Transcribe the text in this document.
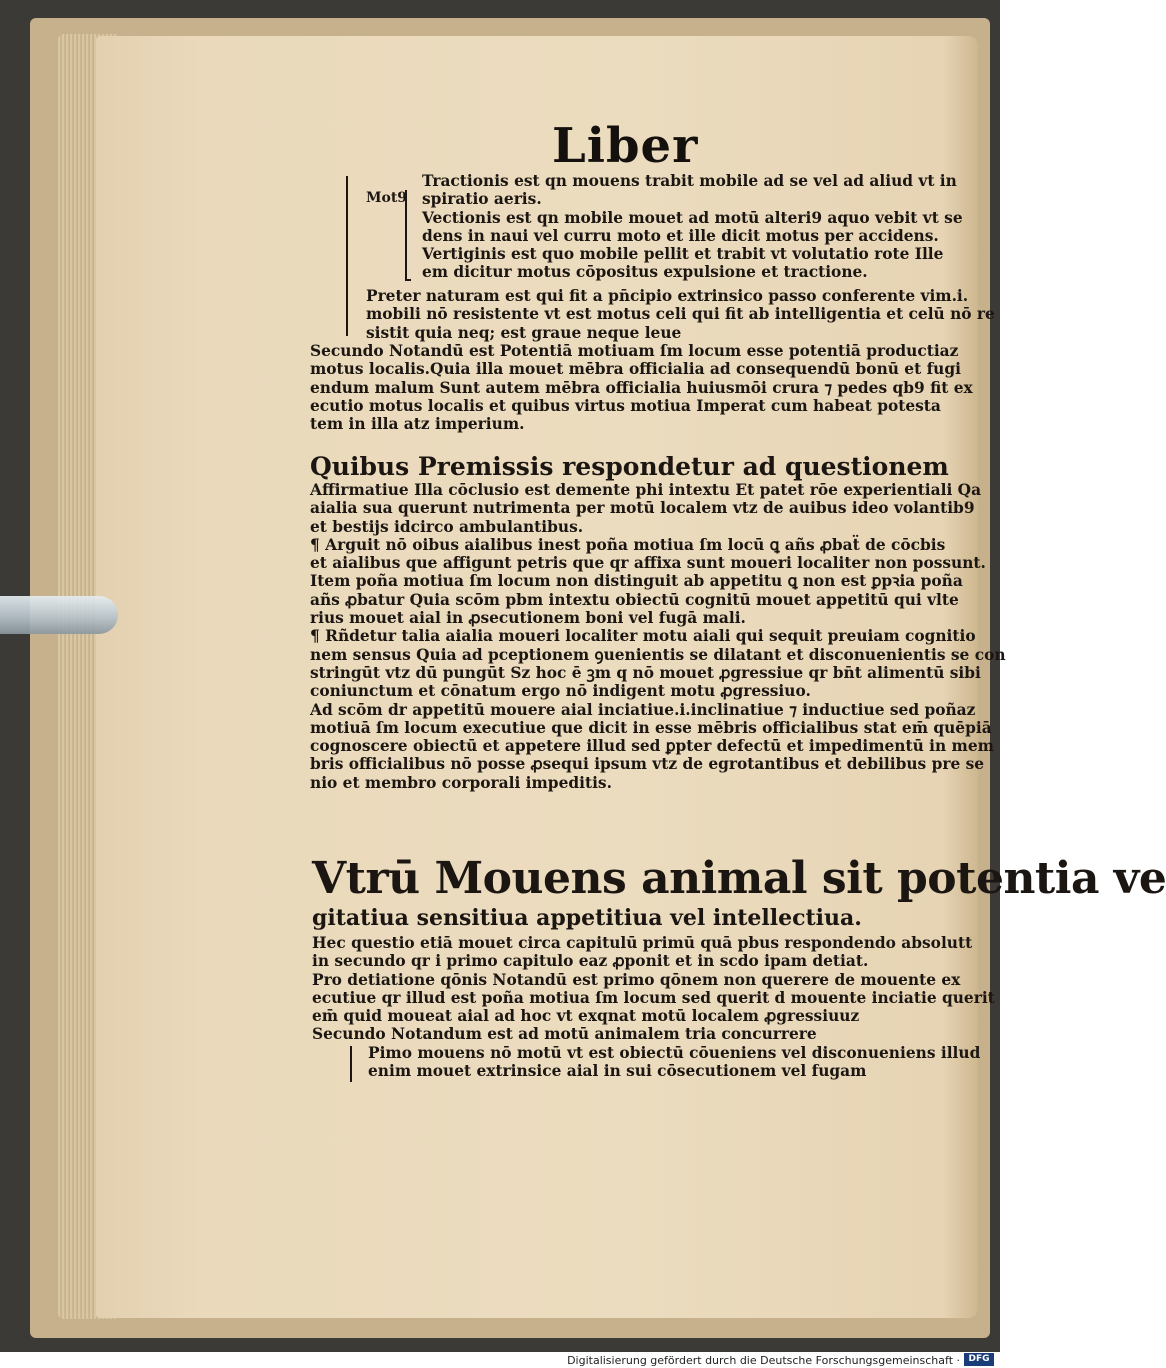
Liber
Mot9
Tractionis est qn mouens trabit mobile ad se vel ad aliud vt in
spiratio aeris.
Vectionis est qn mobile mouet ad motū alteri9 aquo vebit vt se
dens in naui vel curru moto et ille dicit motus per accidens.
Vertiginis est quo mobile pellit et trabit vt volutatio rote Ille
em dicitur motus cōpositus expulsione et tractione.
Preter naturam est qui fit a pn̄cipio extrinsico passo conferente vim.i.
mobili nō resistente vt est motus celi qui fit ab intelligentia et celū nō re
sistit quia neq; est graue neque leue
Secundo Notandū est Potentiā motiuam ſm locum esse potentiā productiaz
motus localis.Quia illa mouet mēbra officialia ad consequendū bonū et fugi
endum malum Sunt autem mēbra officialia huiusmōi crura ⁊ pedes qb9 fit ex
ecutio motus localis et quibus virtus motiua Imperat cum habeat potesta
tem in illa atz imperium.
Quibus Premissis respondetur ad questionem
Affirmatiue Illa cōclusio est demente phi intextu Et patet rōe experientiali Qa
aialia sua querunt nutrimenta per motū localem vtz de auibus ideo volantib9
et bestijs idcirco ambulantibus.
¶ Arguit nō oibus aialibus inest poña motiua ſm locū ꝗ añs ꝓbaẗ de cōcbis
et aialibus que affigunt petris que qr affixa sunt moueri localiter non possunt.
Item poña motiua ſm locum non distinguit ab appetitu ꝗ non est ꝑpꝛia poña
añs ꝓbatur Quia scōm pbm intextu obiectū cognitū mouet appetitū qui vlte
rius mouet aial in ꝓsecutionem boni vel fugā mali.
¶ Rñdetur talia aialia moueri localiter motu aiali qui sequit preuiam cognitio
nem sensus Quia ad pceptionem ꝯuenientis se dilatant et disconuenientis se con
stringūt vtz dū pungūt Sz hoc ē ꝫm q nō mouet ꝓgressiue qr bn̄t alimentū sibi
coniunctum et cōnatum ergo nō indigent motu ꝓgressiuo.
Ad scōm dr appetitū mouere aial inciatiue.i.inclinatiue ⁊ inductiue sed poñaz
motiuā ſm locum executiue que dicit in esse mēbris officialibus stat em̄ quēpiā
cognoscere obiectū et appetere illud sed ꝑpter defectū et impedimentū in mem
bris officialibus nō posse ꝓsequi ipsum vtz de egrotantibus et debilibus pre se
nio et membro corporali impeditis.
Vtrū Mouens animal sit potentia ve
gitatiua sensitiua appetitiua vel intellectiua.
Hec questio etiā mouet circa capitulū primū quā pbus respondendo absolutt
in secundo qr i primo capitulo eaz ꝓponit et in scdo ipam detiat.
Pro detiatione qōnis Notandū est primo qōnem non querere de mouente ex
ecutiue qr illud est poña motiua ſm locum sed querit d mouente inciatie querit
em̄ quid moueat aial ad hoc vt exqnat motū localem ꝓgressiuuz
Secundo Notandum est ad motū animalem tria concurrere
Pimo mouens nō motū vt est obiectū cōueniens vel disconueniens illud
enim mouet extrinsice aial in sui cōsecutionem vel fugam
Digitalisierung gefördert durch die Deutsche Forschungsgemeinschaft · DFG
